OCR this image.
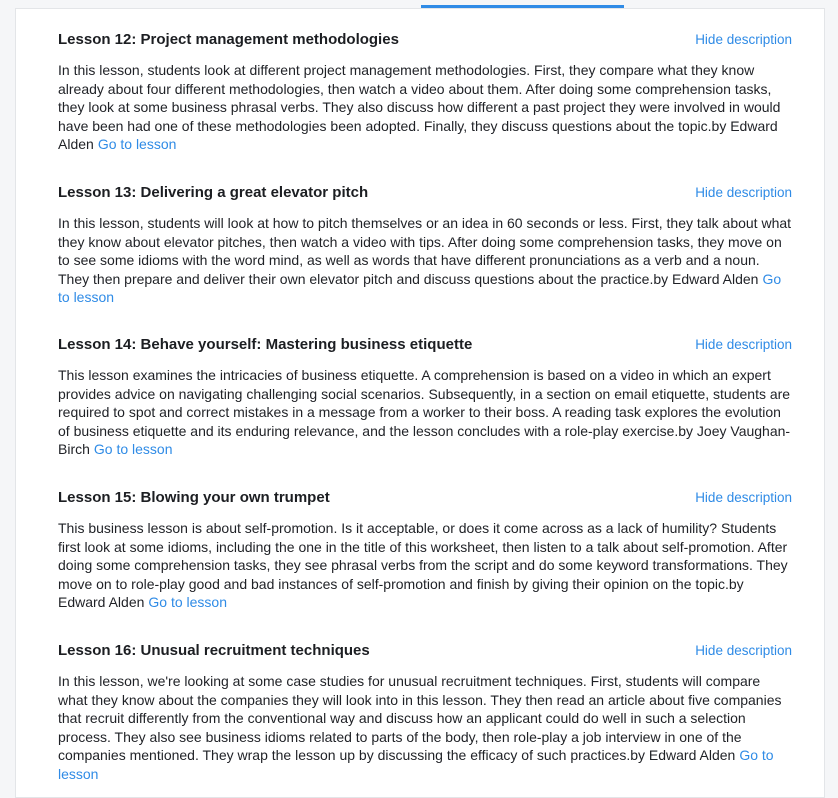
Lesson 12: Project management methodologies	Hide description

In this lesson, students look at different project management methodologies. First, they compare what they know already about four different methodologies, then watch a video about them. After doing some comprehension tasks, they look at some business phrasal verbs. They also discuss how different a past project they were involved in would have been had one of these methodologies been adopted. Finally, they discuss questions about the topic.by Edward Alden Go to lesson

Lesson 13: Delivering a great elevator pitch	Hide description

In this lesson, students will look at how to pitch themselves or an idea in 60 seconds or less. First, they talk about what they know about elevator pitches, then watch a video with tips. After doing some comprehension tasks, they move on to see some idioms with the word mind, as well as words that have different pronunciations as a verb and a noun. They then prepare and deliver their own elevator pitch and discuss questions about the practice.by Edward Alden Go to lesson

Lesson 14: Behave yourself: Mastering business etiquette	Hide description

This lesson examines the intricacies of business etiquette. A comprehension is based on a video in which an expert provides advice on navigating challenging social scenarios. Subsequently, in a section on email etiquette, students are required to spot and correct mistakes in a message from a worker to their boss. A reading task explores the evolution of business etiquette and its enduring relevance, and the lesson concludes with a role-play exercise.by Joey Vaughan-Birch Go to lesson

Lesson 15: Blowing your own trumpet	Hide description

This business lesson is about self-promotion. Is it acceptable, or does it come across as a lack of humility? Students first look at some idioms, including the one in the title of this worksheet, then listen to a talk about self-promotion. After doing some comprehension tasks, they see phrasal verbs from the script and do some keyword transformations. They move on to role-play good and bad instances of self-promotion and finish by giving their opinion on the topic.by Edward Alden Go to lesson

Lesson 16: Unusual recruitment techniques	Hide description

In this lesson, we're looking at some case studies for unusual recruitment techniques. First, students will compare what they know about the companies they will look into in this lesson. They then read an article about five companies that recruit differently from the conventional way and discuss how an applicant could do well in such a selection process. They also see business idioms related to parts of the body, then role-play a job interview in one of the companies mentioned. They wrap the lesson up by discussing the efficacy of such practices.by Edward Alden Go to lesson
